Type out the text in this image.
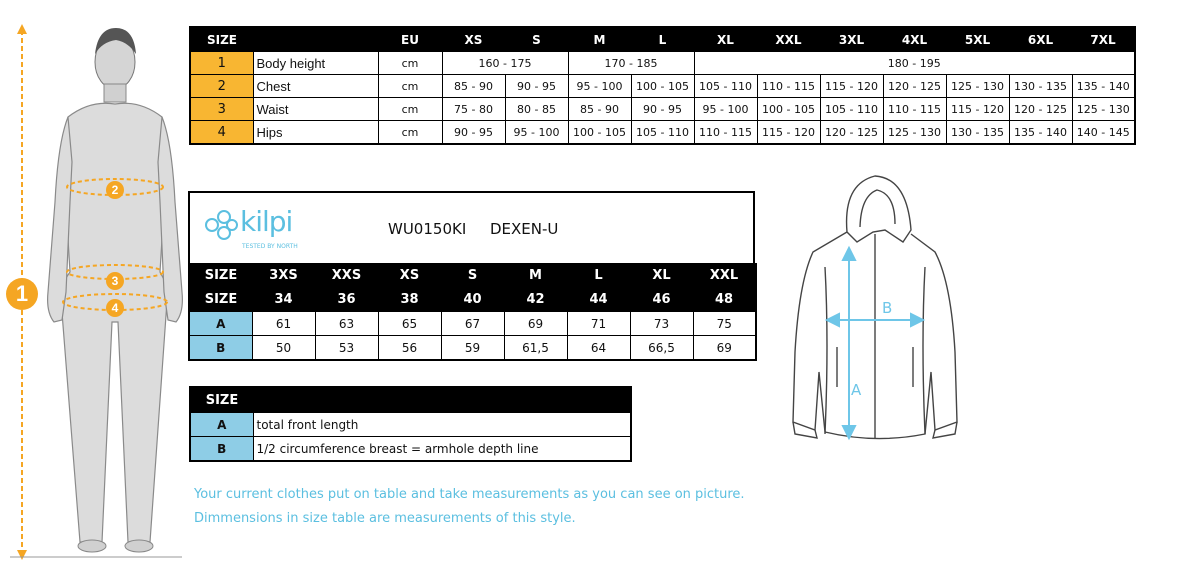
1
2
3
4
SIZE		EU	XS	S	M	L	XL	XXL	3XL	4XL	5XL	6XL	7XL
1	Body height	cm	160 - 175		170 - 185		180 - 195						
2	Chest	cm	85 - 90	90 - 95	95 - 100	100 - 105	105 - 110	110 - 115	115 - 120	120 - 125	125 - 130	130 - 135	135 - 140
3	Waist	cm	75 - 80	80 - 85	85 - 90	90 - 95	95 - 100	100 - 105	105 - 110	110 - 115	115 - 120	120 - 125	125 - 130
4	Hips	cm	90 - 95	95 - 100	100 - 105	105 - 110	110 - 115	115 - 120	120 - 125	125 - 130	130 - 135	135 - 140	140 - 145
kilpi
TESTED BY NORTH
WU0150KI DEXEN-U
SIZE	3XS	XXS	XS	S	M	L	XL	XXL
SIZE	34	36	38	40	42	44	46	48
A	61	63	65	67	69	71	73	75
B	50	53	56	59	61,5	64	66,5	69
SIZE	
A	total front length
B	1/2 circumference breast = armhole depth line
Your current clothes put on table and take measurements as you can see on picture.
Dimmensions in size table are measurements of this style.
A
B
